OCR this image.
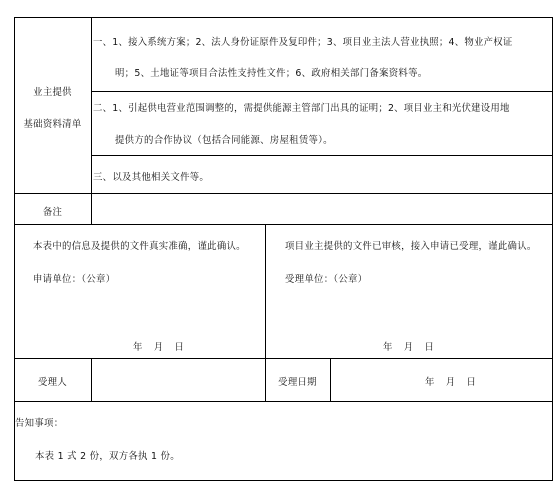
业主提供
基础资料清单
一、1、接入系统方案；2、法人身份证原件及复印件；3、项目业主法人营业执照；4、物业产权证
明；5、土地证等项目合法性支持性文件；6、政府相关部门备案资料等。
二、1、引起供电营业范围调整的，需提供能源主管部门出具的证明；2、项目业主和光伏建设用地
提供方的合作协议（包括合同能源、房屋租赁等）。
三、以及其他相关文件等。
备注
本表中的信息及提供的文件真实准确，谨此确认。
申请单位：（公章）
年　月　日
项目业主提供的文件已审核，接入申请已受理，谨此确认。
受理单位：（公章）
年　月　日
受理人	受理日期	年　月　日
告知事项：
本表 1 式 2 份，双方各执 1 份。
